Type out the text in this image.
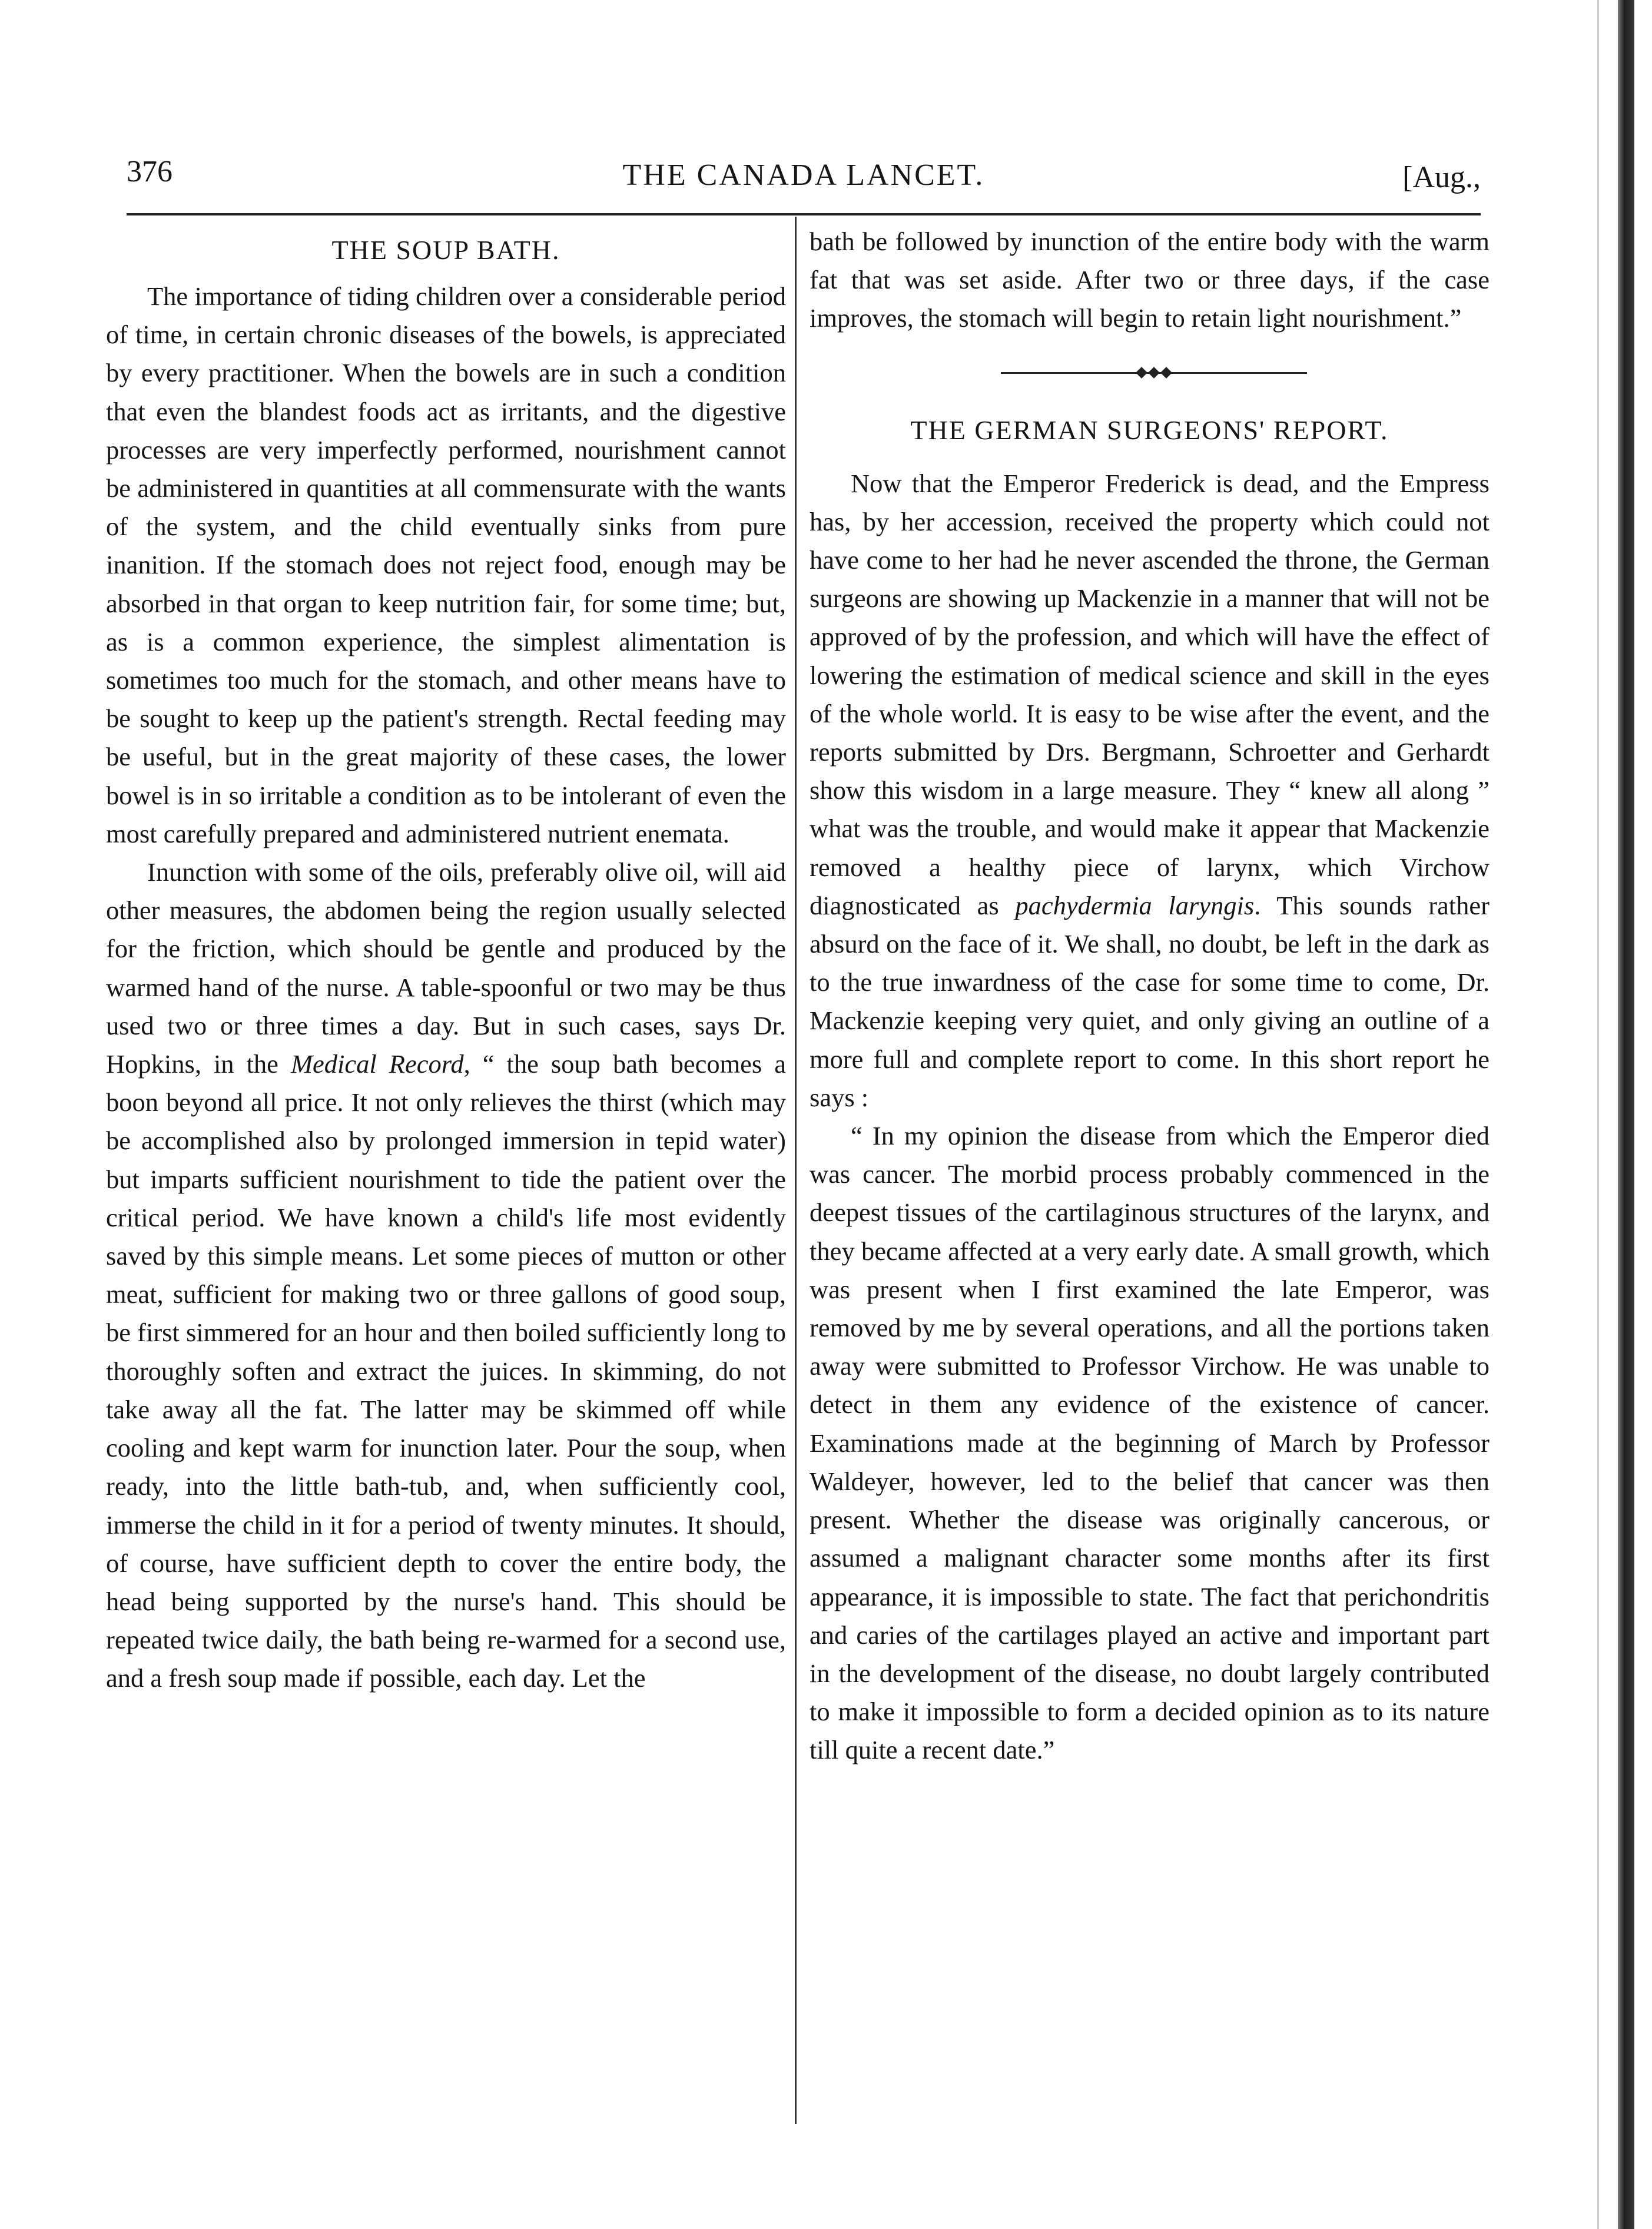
376	THE CANADA LANCET.	[Aug.,
THE SOUP BATH.

The importance of tiding children over a considerable period of time, in certain chronic diseases of the bowels, is appreciated by every practitioner. When the bowels are in such a condition that even the blandest foods act as irritants, and the digestive processes are very imperfectly performed, nourishment cannot be administered in quantities at all commensurate with the wants of the system, and the child eventually sinks from pure inanition. If the stomach does not reject food, enough may be absorbed in that organ to keep nutrition fair, for some time; but, as is a common experience, the simplest alimentation is sometimes too much for the stomach, and other means have to be sought to keep up the patient's strength. Rectal feeding may be useful, but in the great majority of these cases, the lower bowel is in so irritable a condition as to be intolerant of even the most carefully prepared and administered nutrient enemata.

Inunction with some of the oils, preferably olive oil, will aid other measures, the abdomen being the region usually selected for the friction, which should be gentle and produced by the warmed hand of the nurse. A table-spoonful or two may be thus used two or three times a day. But in such cases, says Dr. Hopkins, in the Medical Record, “ the soup bath becomes a boon beyond all price. It not only relieves the thirst (which may be accomplished also by prolonged immersion in tepid water) but imparts sufficient nourishment to tide the patient over the critical period. We have known a child's life most evidently saved by this simple means. Let some pieces of mutton or other meat, sufficient for making two or three gallons of good soup, be first simmered for an hour and then boiled sufficiently long to thoroughly soften and extract the juices. In skimming, do not take away all the fat. The latter may be skimmed off while cooling and kept warm for inunction later. Pour the soup, when ready, into the little bath-tub, and, when sufficiently cool, immerse the child in it for a period of twenty minutes. It should, of course, have sufficient depth to cover the entire body, the head being supported by the nurse's hand. This should be repeated twice daily, the bath being re-warmed for a second use, and a fresh soup made if possible, each day. Let the

bath be followed by inunction of the entire body with the warm fat that was set aside. After two or three days, if the case improves, the stomach will begin to retain light nourishment.”

THE GERMAN SURGEONS' REPORT.

Now that the Emperor Frederick is dead, and the Empress has, by her accession, received the property which could not have come to her had he never ascended the throne, the German surgeons are showing up Mackenzie in a manner that will not be approved of by the profession, and which will have the effect of lowering the estimation of medical science and skill in the eyes of the whole world. It is easy to be wise after the event, and the reports submitted by Drs. Bergmann, Schroetter and Gerhardt show this wisdom in a large measure. They “ knew all along ” what was the trouble, and would make it appear that Mackenzie removed a healthy piece of larynx, which Virchow diagnosticated as pachydermia laryngis. This sounds rather absurd on the face of it. We shall, no doubt, be left in the dark as to the true inwardness of the case for some time to come, Dr. Mackenzie keeping very quiet, and only giving an outline of a more full and complete report to come. In this short report he says :

“ In my opinion the disease from which the Emperor died was cancer. The morbid process probably commenced in the deepest tissues of the cartilaginous structures of the larynx, and they became affected at a very early date. A small growth, which was present when I first examined the late Emperor, was removed by me by several operations, and all the portions taken away were submitted to Professor Virchow. He was unable to detect in them any evidence of the existence of cancer. Examinations made at the beginning of March by Professor Waldeyer, however, led to the belief that cancer was then present. Whether the disease was originally cancerous, or assumed a malignant character some months after its first appearance, it is impossible to state. The fact that perichondritis and caries of the cartilages played an active and important part in the development of the disease, no doubt largely contributed to make it impossible to form a decided opinion as to its nature till quite a recent date.”
